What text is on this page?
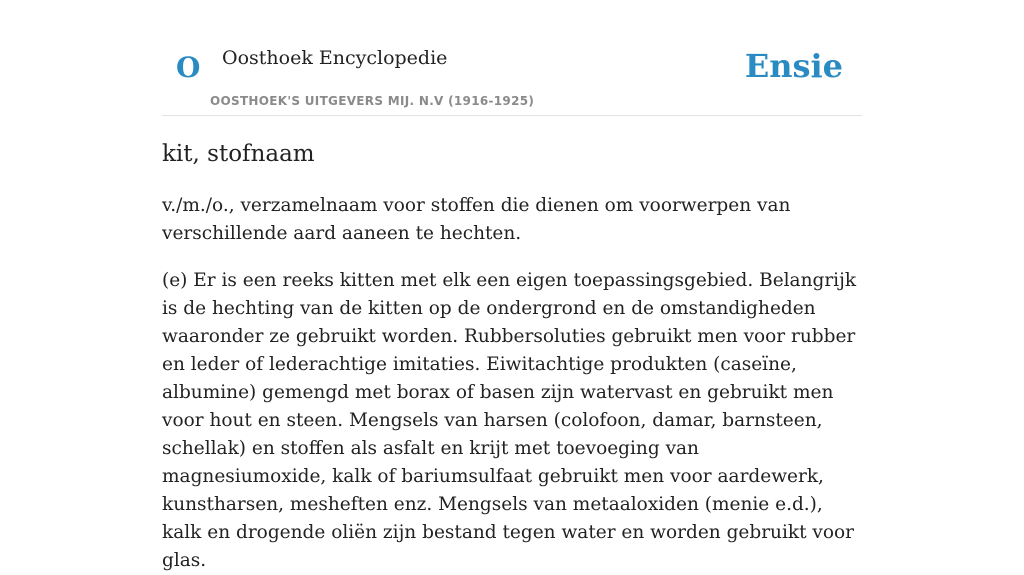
O Oosthoek Encyclopedie
OOSTHOEK'S UITGEVERS MIJ. N.V (1916-1925)
Ensie
kit, stofnaam

v./m./o., verzamelnaam voor stoffen die dienen om voorwerpen van verschillende aard aaneen te hechten.

(e) Er is een reeks kitten met elk een eigen toepassingsgebied. Belangrijk is de hechting van de kitten op de ondergrond en de omstandigheden waaronder ze gebruikt worden. Rubbersoluties gebruikt men voor rubber en leder of lederachtige imitaties. Eiwitachtige produkten (caseïne, albumine) gemengd met borax of basen zijn watervast en gebruikt men voor hout en steen. Mengsels van harsen (colofoon, damar, barnsteen, schellak) en stoffen als asfalt en krijt met toevoeging van magnesiumoxide, kalk of bariumsulfaat gebruikt men voor aardewerk, kunstharsen, mesheften enz. Mengsels van metaaloxiden (menie e.d.), kalk en drogende oliën zijn bestand tegen water en worden gebruikt voor glas.
